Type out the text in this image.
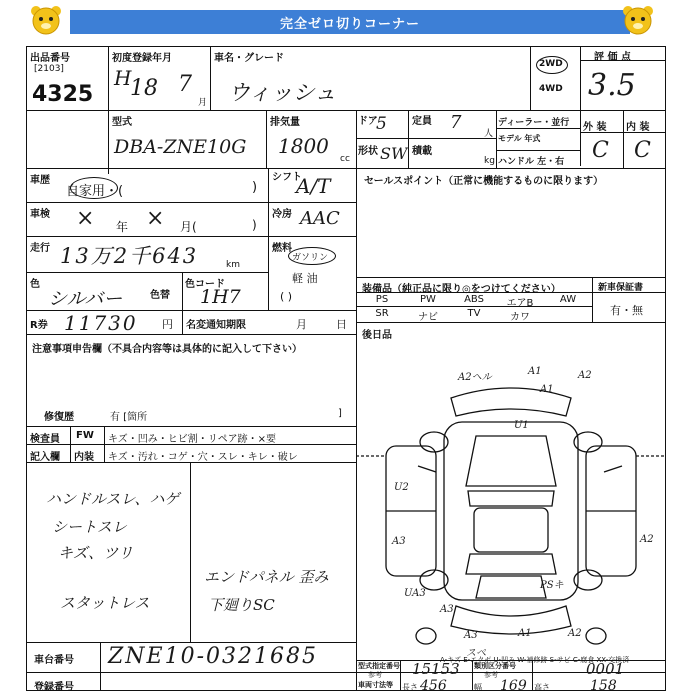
完全ゼロ切りコーナー
出品番号
[2103]
4325
初度登録年月
H
18 7
月
車名・グレード
ウィッシュ
2WD
4WD
評 価 点
3.5
型式
DBA-ZNE10G
排気量
1800
cc
ドア
5
形状 SW
定員 7
人
積載
kg
ディーラー・並行
モデル 年式
ハンドル 左・右
外 装 内 装
C C
車歴
自家用・(	)
車検 × 年 × 月(	)
走行 13万2千643	km
色
シルバー	色替
色コード
1H7
R券 11730 円 名変通知期限	月	日
シフト
A/T
冷房 AAC
燃料
ガソリン
軽 油
( )
セールスポイント（正常に機能するものに限ります）
装備品（純正品に限り◎をつけてください）	新車保証書
有・無
PS	PW	ABS	エアB	AW
SR	ナビ	TV	カワ
後日品
注意事項申告欄（不具合内容等は具体的に記入して下さい）
修復歴	有 [箇所	]
検査員
記入欄
FW
内装
キズ・凹み・ヒビ割・リペア跡・×要
キズ・汚れ・コゲ・穴・スレ・キレ・破レ
ハンドルスレ、ハゲ
シートスレ
キズ、ツリ
スタットレス
エンドパネル 歪み
下廻りSC
A2ヘル
A1
A1
A2
U1
U2
A3	A2
A3
PSキ
UA3
A3	A1	A2
スペ
A-キズ E-エクボ U-凹み W-補修跡 S-サビ C-腐食 XX-交換済
車台番号 ZNE10-0321685
登録番号
型式指定番号
参考 15153 類別区分番号
参考	0001
車両寸法等 長さ 456	幅 169 高さ	158
